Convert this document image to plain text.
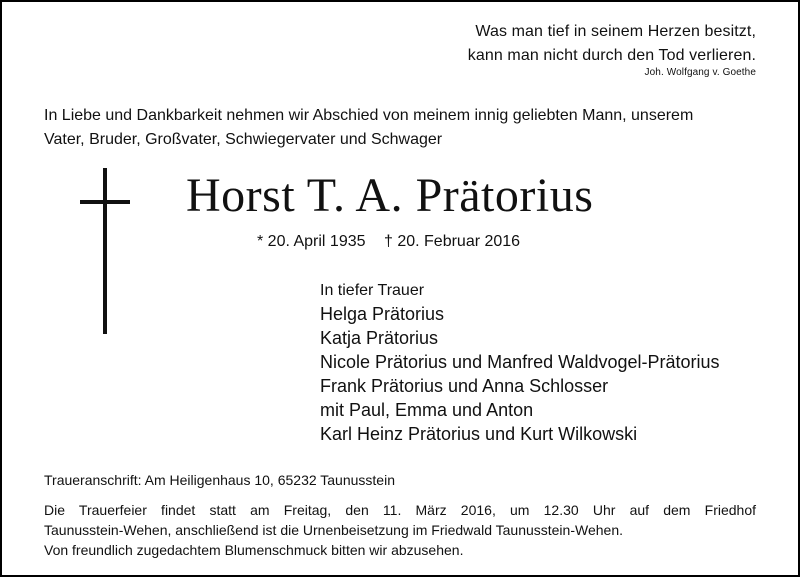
Was man tief in seinem Herzen besitzt,
kann man nicht durch den Tod verlieren.
Joh. Wolfgang v. Goethe
In Liebe und Dankbarkeit nehmen wir Abschied von meinem innig geliebten Mann, unserem
Vater, Bruder, Großvater, Schwiegervater und Schwager
Horst T. A. Prätorius
* 20. April 1935 † 20. Februar 2016
In tiefer Trauer
Helga Prätorius
Katja Prätorius
Nicole Prätorius und Manfred Waldvogel-Prätorius
Frank Prätorius und Anna Schlosser
mit Paul, Emma und Anton
Karl Heinz Prätorius und Kurt Wilkowski
Traueranschrift: Am Heiligenhaus 10, 65232 Taunusstein
Die Trauerfeier findet statt am Freitag, den 11. März 2016, um 12.30 Uhr auf dem Friedhof
Taunusstein-Wehen, anschließend ist die Urnenbeisetzung im Friedwald Taunusstein-Wehen.
Von freundlich zugedachtem Blumenschmuck bitten wir abzusehen.
